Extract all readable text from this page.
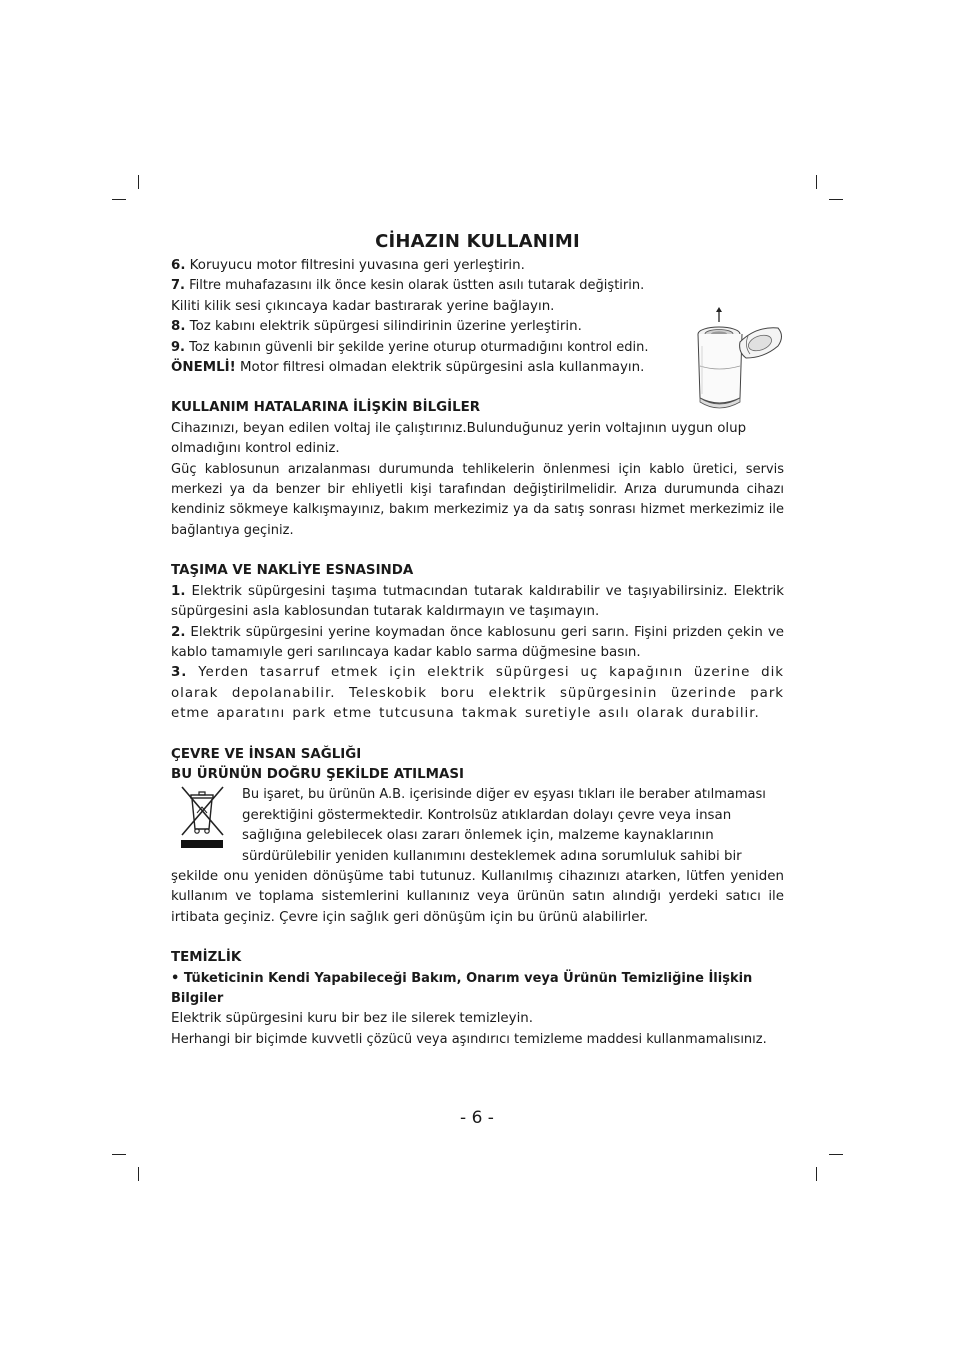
CİHAZIN KULLANIMI

6. Koruyucu motor filtresini yuvasına geri yerleştirin.

7. Filtre muhafazasını ilk önce kesin olarak üstten asılı tutarak değiştirin.

Kiliti kilik sesi çıkıncaya kadar bastırarak yerine bağlayın.

8. Toz kabını elektrik süpürgesi silindirinin üzerine yerleştirin.

9. Toz kabının güvenli bir şekilde yerine oturup oturmadığını kontrol edin.

ÖNEMLİ! Motor filtresi olmadan elektrik süpürgesini asla kullanmayın.

KULLANIM HATALARINA İLİŞKİN BİLGİLER

Cihazınızı, beyan edilen voltaj ile çalıştırınız.Bulunduğunuz yerin voltajının uygun olup olmadığını kontrol ediniz.

Güç kablosunun arızalanması durumunda tehlikelerin önlenmesi için kablo üretici, servis merkezi ya da benzer bir ehliyetli kişi tarafından değiştirilmelidir. Arıza durumunda cihazı kendiniz sökmeye kalkışmayınız, bakım merkezimiz ya da satış sonrası hizmet merkezimiz ile bağlantıya geçiniz.

TAŞIMA VE NAKLİYE ESNASINDA

1. Elektrik süpürgesini taşıma tutmacından tutarak kaldırabilir ve taşıyabilirsiniz. Elektrik süpürgesini asla kablosundan tutarak kaldırmayın ve taşımayın.

2. Elektrik süpürgesini yerine koymadan önce kablosunu geri sarın. Fişini prizden çekin ve kablo tamamıyle geri sarılıncaya kadar kablo sarma düğmesine basın.

3. Yerden tasarruf etmek için elektrik süpürgesi uç kapağının üzerine dik olarak depolanabilir. Teleskobik boru elektrik süpürgesinin üzerinde park etme aparatını park etme tutcusuna takmak suretiyle asılı olarak durabilir.

ÇEVRE VE İNSAN SAĞLIĞI

BU ÜRÜNÜN DOĞRU ŞEKİLDE ATILMASI

Bu işaret, bu ürünün A.B. içerisinde diğer ev eşyası tıkları ile beraber atılmaması

gerektiğini göstermektedir. Kontrolsüz atıklardan dolayı çevre veya insan

sağlığına gelebilecek olası zararı önlemek için, malzeme kaynaklarının

sürdürülebilir yeniden kullanımını desteklemek adına sorumluluk sahibi bir

şekilde onu yeniden dönüşüme tabi tutunuz. Kullanılmış cihazınızı atarken, lütfen yeniden kullanım ve toplama sistemlerini kullanınız veya ürünün satın alındığı yerdeki satıcı ile irtibata geçiniz. Çevre için sağlık geri dönüşüm için bu ürünü alabilirler.

TEMİZLİK

• Tüketicinin Kendi Yapabileceği Bakım, Onarım veya Ürünün Temizliğine İlişkin Bilgiler

Elektrik süpürgesini kuru bir bez ile silerek temizleyin.

Herhangi bir biçimde kuvvetli çözücü veya aşındırıcı temizleme maddesi kullanmamalısınız.

- 6 -
